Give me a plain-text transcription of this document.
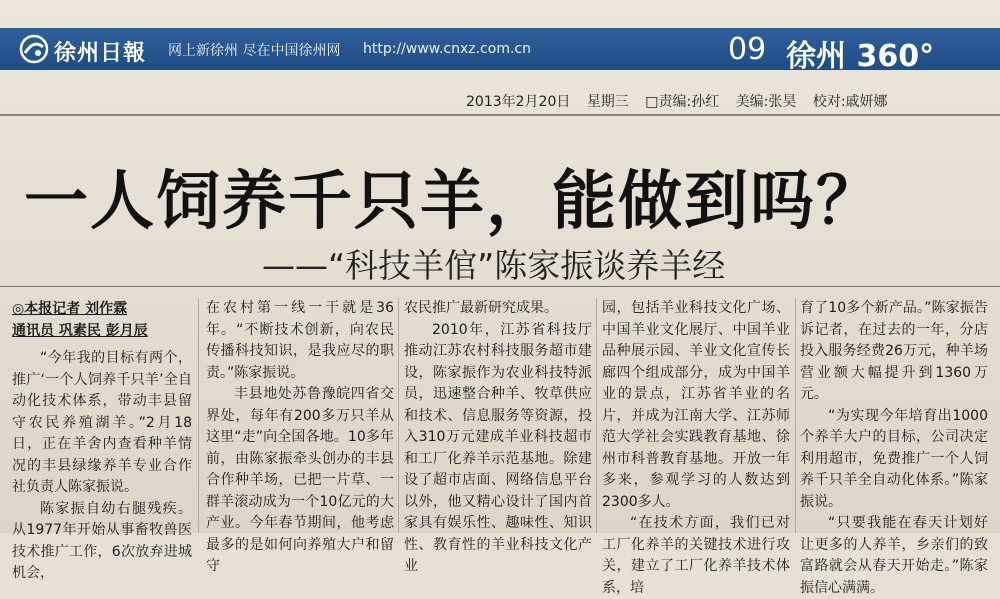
徐州日報 网上新徐州 尽在中国徐州网 http://www.cnxz.com.cn	09 徐州 360°
2013年2月20日 星期三 □责编:孙红 美编:张昊 校对:戚妍娜
一人饲养千只羊，能做到吗？
——“科技羊倌”陈家振谈养羊经
◎本报记者 刘作霖
通讯员 巩素民 彭月辰

“今年我的目标有两个，推广‘一个人饲养千只羊’全自动化技术体系，带动丰县留守农民养殖湖羊。”2月18日，正在羊舍内查看种羊情况的丰县绿缘养羊专业合作社负责人陈家振说。

陈家振自幼右腿残疾。从1977年开始从事畜牧兽医技术推广工作，6次放弃进城机会，

在农村第一线一干就是36年。“不断技术创新，向农民传播科技知识，是我应尽的职责。”陈家振说。

丰县地处苏鲁豫皖四省交界处，每年有200多万只羊从这里“走”向全国各地。10多年前，由陈家振牵头创办的丰县合作种羊场，已把一片草、一群羊滚动成为一个10亿元的大产业。今年春节期间，他考虑最多的是如何向养殖大户和留守

农民推广最新研究成果。

2010年，江苏省科技厅推动江苏农村科技服务超市建设，陈家振作为农业科技特派员，迅速整合种羊、牧草供应和技术、信息服务等资源，投入310万元建成羊业科技超市和工厂化养羊示范基地。除建设了超市店面、网络信息平台以外，他又精心设计了国内首家具有娱乐性、趣味性、知识性、教育性的羊业科技文化产业

园，包括羊业科技文化广场、中国羊业文化展厅、中国羊业品种展示园、羊业文化宣传长廊四个组成部分，成为中国羊业的景点，江苏省羊业的名片，并成为江南大学、江苏师范大学社会实践教育基地、徐州市科普教育基地。开放一年多来，参观学习的人数达到2300多人。

“在技术方面，我们已对工厂化养羊的关键技术进行攻关，建立了工厂化养羊技术体系，培

育了10多个新产品。”陈家振告诉记者，在过去的一年，分店投入服务经费26万元，种羊场营业额大幅提升到1360万元。

“为实现今年培育出1000个养羊大户的目标，公司决定利用超市，免费推广一个人饲养千只羊全自动化体系。”陈家振说。

“只要我能在春天计划好让更多的人养羊，乡亲们的致富路就会从春天开始走。”陈家振信心满满。
